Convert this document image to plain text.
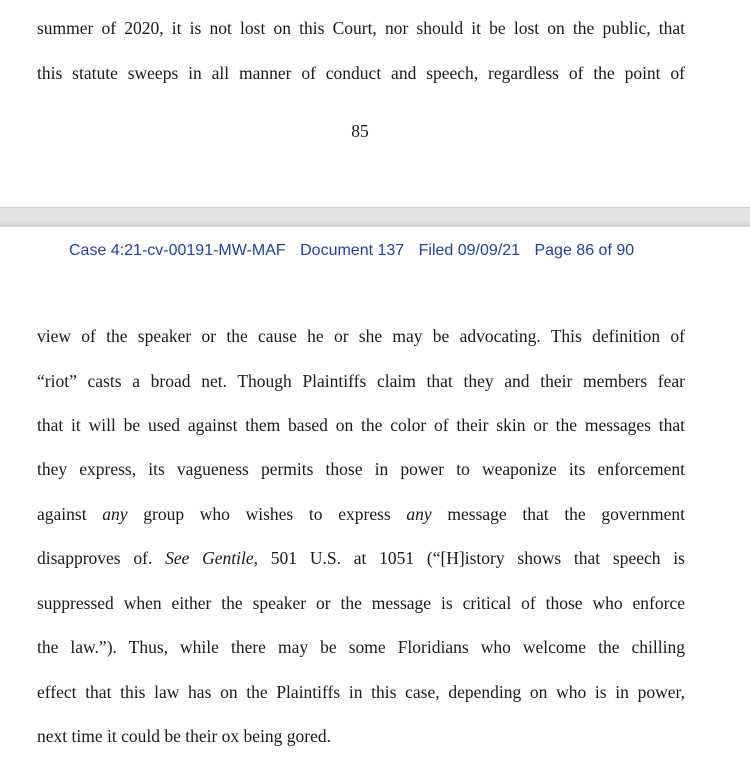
summer of 2020, it is not lost on this Court, nor should it be lost on the public, that
this statute sweeps in all manner of conduct and speech, regardless of the point of
85
Case 4:21-cv-00191-MW-MAF Document 137 Filed 09/09/21 Page 86 of 90
view of the speaker or the cause he or she may be advocating. This definition of
“riot” casts a broad net. Though Plaintiffs claim that they and their members fear
that it will be used against them based on the color of their skin or the messages that
they express, its vagueness permits those in power to weaponize its enforcement
against any group who wishes to express any message that the government
disapproves of. See Gentile, 501 U.S. at 1051 (“[H]istory shows that speech is
suppressed when either the speaker or the message is critical of those who enforce
the law.”). Thus, while there may be some Floridians who welcome the chilling
effect that this law has on the Plaintiffs in this case, depending on who is in power,
next time it could be their ox being gored.
